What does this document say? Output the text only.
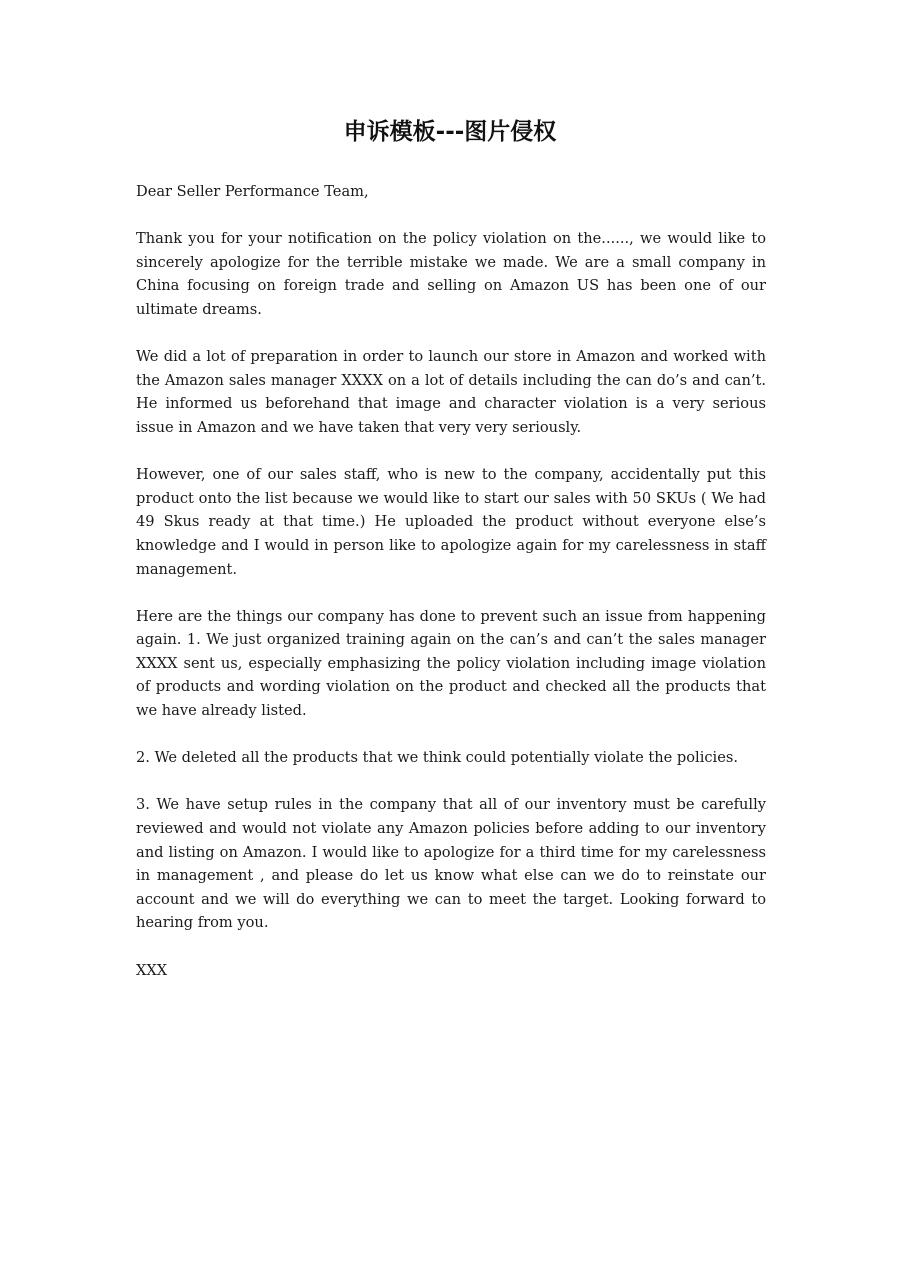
申诉模板---图片侵权

Dear Seller Performance Team,

Thank you for your notification on the policy violation on the......, we would like to sincerely apologize for the terrible mistake we made. We are a small company in China focusing on foreign trade and selling on Amazon US has been one of our ultimate dreams.

We did a lot of preparation in order to launch our store in Amazon and worked with the Amazon sales manager XXXX on a lot of details including the can do’s and can’t. He informed us beforehand that image and character violation is a very serious issue in Amazon and we have taken that very very seriously.

However, one of our sales staff, who is new to the company, accidentally put this product onto the list because we would like to start our sales with 50 SKUs ( We had 49 Skus ready at that time.) He uploaded the product without everyone else’s knowledge and I would in person like to apologize again for my carelessness in staff management.

Here are the things our company has done to prevent such an issue from happening again. 1. We just organized training again on the can’s and can’t the sales manager XXXX sent us, especially emphasizing the policy violation including image violation of products and wording violation on the product and checked all the products that we have already listed.

2. We deleted all the products that we think could potentially violate the policies.

3. We have setup rules in the company that all of our inventory must be carefully reviewed and would not violate any Amazon policies before adding to our inventory and listing on Amazon. I would like to apologize for a third time for my carelessness in management , and please do let us know what else can we do to reinstate our account and we will do everything we can to meet the target. Looking forward to hearing from you.

XXX
